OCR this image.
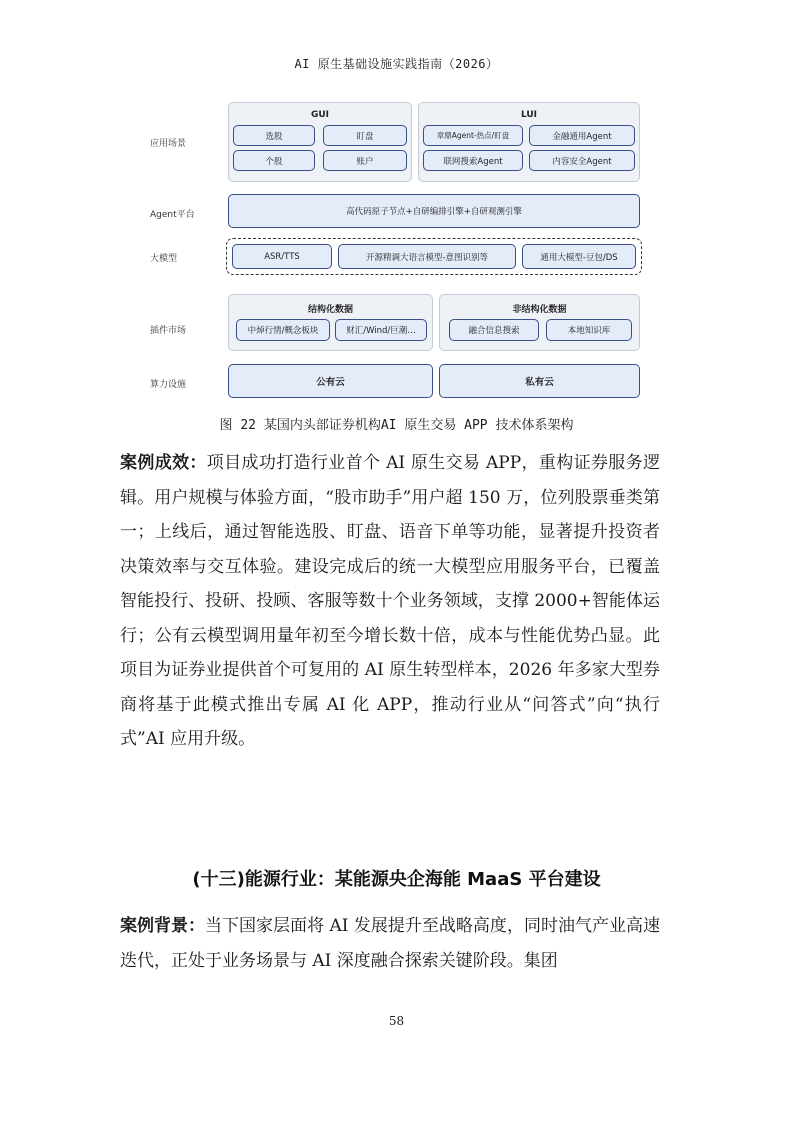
AI 原生基础设施实践指南（2026）
应用场景
Agent平台
大模型
插件市场
算力设施
GUI
选股	盯盘
个股	账户
LUI
章鼎Agent-热点/盯盘	金融通用Agent
联网搜索Agent	内容安全Agent
高代码原子节点+自研编排引擎+自研观测引擎
ASR/TTS	开源精调大语言模型-意图识别等	通用大模型-豆包/DS
结构化数据
中焯行情/概念板块	财汇/Wind/巨潮…
非结构化数据
融合信息搜索	本地知识库
公有云	私有云
图 22 某国内头部证券机构AI 原生交易 APP 技术体系架构

案例成效：项目成功打造行业首个 AI 原生交易 APP，重构证券服务逻辑。用户规模与体验方面，“股市助手”用户超 150 万，位列股票垂类第一；上线后，通过智能选股、盯盘、语音下单等功能，显著提升投资者决策效率与交互体验。建设完成后的统一大模型应用服务平台，已覆盖智能投行、投研、投顾、客服等数十个业务领域，支撑 2000+智能体运行；公有云模型调用量年初至今增长数十倍，成本与性能优势凸显。此项目为证券业提供首个可复用的 AI 原生转型样本，2026 年多家大型券商将基于此模式推出专属 AI 化 APP，推动行业从“问答式”向“执行式”AI 应用升级。

(十三)能源行业：某能源央企海能 MaaS 平台建设

案例背景：当下国家层面将 AI 发展提升至战略高度，同时油气产业高速迭代，正处于业务场景与 AI 深度融合探索关键阶段。集团

58
